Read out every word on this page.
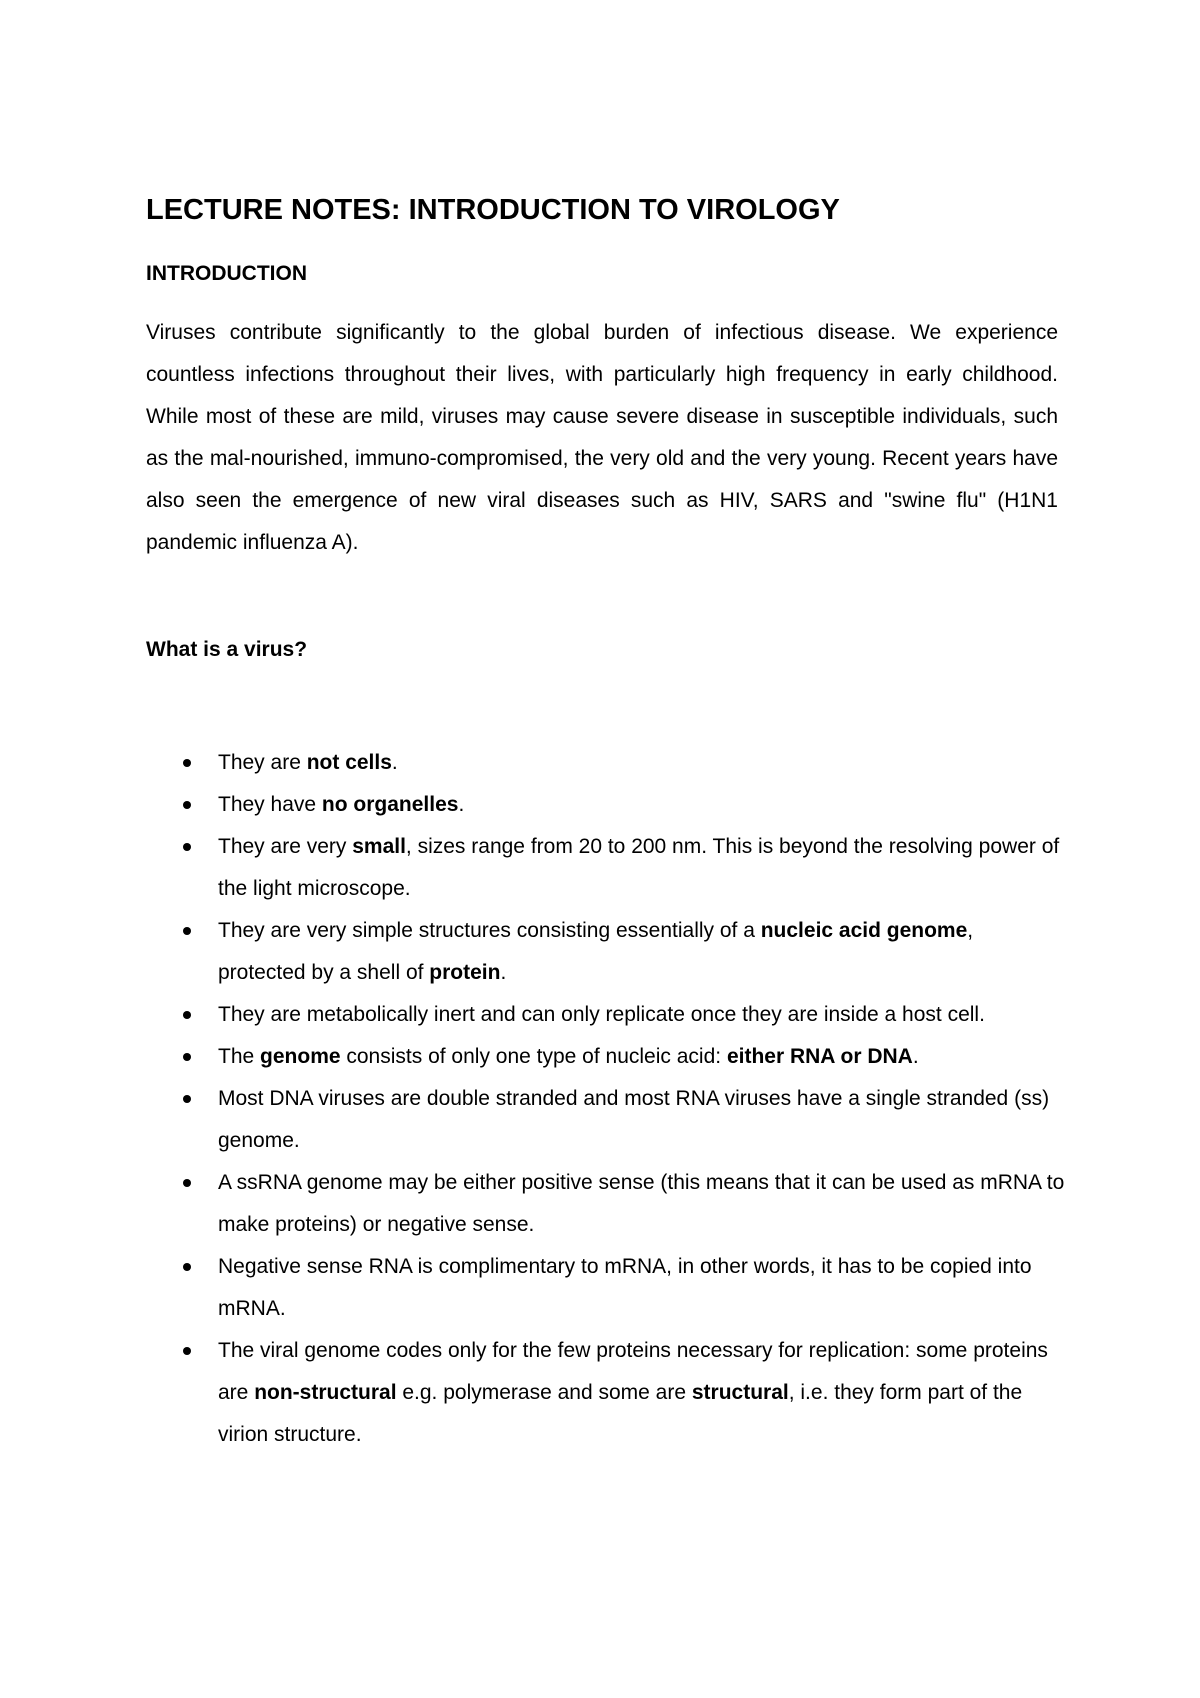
LECTURE NOTES: INTRODUCTION TO VIROLOGY
INTRODUCTION

Viruses contribute significantly to the global burden of infectious disease. We experience countless infections throughout their lives, with particularly high frequency in early childhood. While most of these are mild, viruses may cause severe disease in susceptible individuals, such as the mal-nourished, immuno-compromised, the very old and the very young. Recent years have also seen the emergence of new viral diseases such as HIV, SARS and "swine flu" (H1N1 pandemic influenza A).

What is a virus?
They are not cells.
They have no organelles.
They are very small, sizes range from 20 to 200 nm. This is beyond the resolving power of the light microscope.
They are very simple structures consisting essentially of a nucleic acid genome, protected by a shell of protein.
They are metabolically inert and can only replicate once they are inside a host cell.
The genome consists of only one type of nucleic acid: either RNA or DNA.
Most DNA viruses are double stranded and most RNA viruses have a single stranded (ss) genome.
A ssRNA genome may be either positive sense (this means that it can be used as mRNA to make proteins) or negative sense.
Negative sense RNA is complimentary to mRNA, in other words, it has to be copied into mRNA.
The viral genome codes only for the few proteins necessary for replication: some proteins are non-structural e.g. polymerase and some are structural, i.e. they form part of the virion structure.
